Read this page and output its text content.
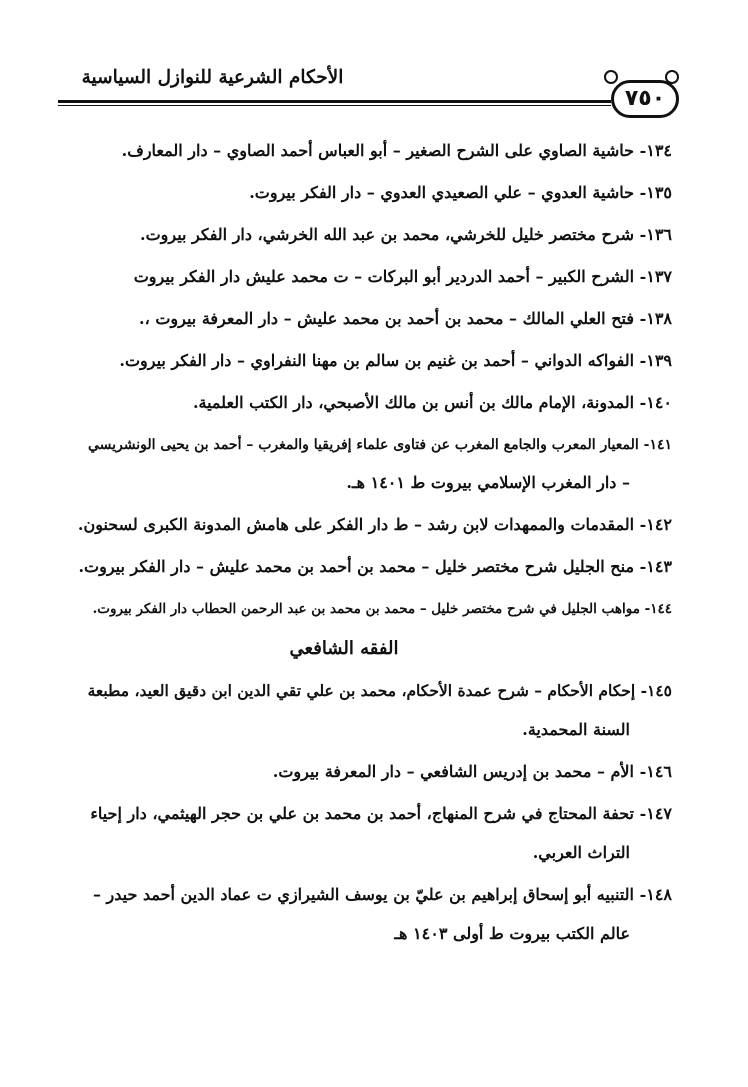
الأحكام الشرعية للنوازل السياسية
٧٥٠
١٣٤- حاشية الصاوي على الشرح الصغير – أبو العباس أحمد الصاوي – دار المعارف.
١٣٥- حاشية العدوي – علي الصعيدي العدوي – دار الفكر بيروت.
١٣٦- شرح مختصر خليل للخرشي، محمد بن عبد الله الخرشي، دار الفكر بيروت.
١٣٧- الشرح الكبير – أحمد الدردير أبو البركات – ت محمد عليش دار الفكر بيروت
١٣٨- فتح العلي المالك – محمد بن أحمد بن محمد عليش – دار المعرفة بيروت ،.
١٣٩- الفواكه الدواني – أحمد بن غنيم بن سالم بن مهنا النفراوي – دار الفكر بيروت.
١٤٠- المدونة، الإمام مالك بن أنس بن مالك الأصبحي، دار الكتب العلمية.
١٤١- المعيار المعرب والجامع المغرب عن فتاوى علماء إفريقيا والمغرب – أحمد بن يحيى الونشريسي
– دار المغرب الإسلامي بيروت ط ١٤٠١ هـ.
١٤٢- المقدمات والممهدات لابن رشد – ط دار الفكر على هامش المدونة الكبرى لسحنون.
١٤٣- منح الجليل شرح مختصر خليل – محمد بن أحمد بن محمد عليش – دار الفكر بيروت.
١٤٤- مواهب الجليل في شرح مختصر خليل – محمد بن محمد بن عبد الرحمن الحطاب دار الفكر بيروت.
الفقه الشافعي
١٤٥- إحكام الأحكام – شرح عمدة الأحكام، محمد بن علي تقي الدين ابن دقيق العيد، مطبعة
السنة المحمدية.
١٤٦- الأم – محمد بن إدريس الشافعي – دار المعرفة بيروت.
١٤٧- تحفة المحتاج في شرح المنهاج، أحمد بن محمد بن علي بن حجر الهيثمي، دار إحياء
التراث العربي.
١٤٨- التنبيه أبو إسحاق إبراهيم بن عليّ بن يوسف الشيرازي ت عماد الدين أحمد حيدر –
عالم الكتب بيروت ط أولى ١٤٠٣ هـ
